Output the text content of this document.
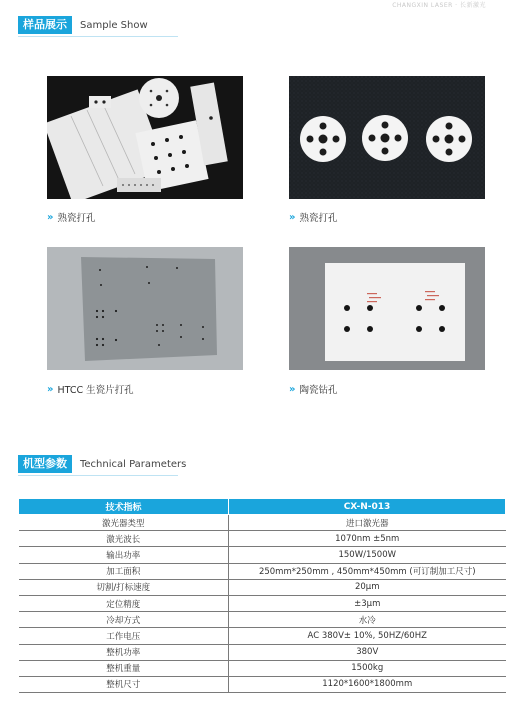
CHANGXIN LASER · 长新激光
样品展示	Sample Show
» 熟瓷打孔	» 熟瓷打孔
» HTCC 生瓷片打孔	» 陶瓷钻孔
机型参数	Technical Parameters
技术指标	CX-N-013
激光器类型	进口激光器
激光波长	1070nm ±5nm
输出功率	150W/1500W
加工面积	250mm*250mm , 450mm*450mm (可订制加工尺寸)
切割/打标速度	20μm
定位精度	±3μm
冷却方式	水冷
工作电压	AC 380V± 10%, 50HZ/60HZ
整机功率	380V
整机重量	1500kg
整机尺寸	1120*1600*1800mm
